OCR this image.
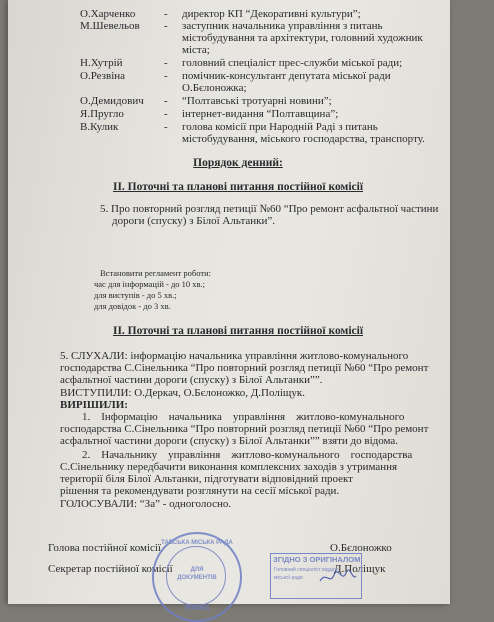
О.Харченко	- директор КП “Декоративні культури”;
М.Шевельов	- заступник начальника управління з питань
містобудування та архітектури, головний художник
міста;
Н.Хутрій	- головний спеціаліст прес-служби міської ради;
О.Резвіна	- помічник-консультант депутата міської ради
О.Бєлоножка;
О.Демидович	- “Полтавські тротуарні новини”;
Я.Пругло	- інтернет-видання “Полтавщина”;
В.Кулик	- голова комісії при Народній Раді з питань
містобудування, міського господарства, транспорту.
Порядок денний:
ІІ. Поточні та планові питання постійної комісії
5. Про повторний розгляд петиції №60 “Про ремонт асфальтної частини
дороги (спуску) з Білої Альтанки”.
Встановити регламент роботи:
час для інформацій - до 10 хв.;
для виступів - до 5 хв.;
для довідок - до 3 хв.
ІІ. Поточні та планові питання постійної комісії
5. СЛУХАЛИ: інформацію начальника управління житлово-комунального
господарства С.Сінельника “Про повторний розгляд петиції №60 “Про ремонт
асфальтної частини дороги (спуску) з Білої Альтанки””.
ВИСТУПИЛИ: О.Деркач, О.Бєлоножко, Д.Поліщук.
ВИРІШИЛИ:
1.    Інформацію    начальника    управління    житлово-комунального
господарства С.Сінельника “Про повторний розгляд петиції №60 “Про ремонт
асфальтної частини дороги (спуску) з Білої Альтанки”” взяти до відома.
2.    Начальнику    управління    житлово-комунального    господарства
С.Сінельнику передбачити виконання комплексних заходів з утримання
території біля Білої Альтанки, підготувати відповідний проект
рішення та рекомендувати розглянути на сесії міської ради.
ГОЛОСУВАЛИ: “За” - одноголосно.
Голова постійної комісії	О.Бєлоножко
Секретар постійної комісії	Д.Поліщук
ТАВСЬКА МІСЬКА РАДА
ДЛЯ
ДОКУМЕНТІВ
УКРАЇНА
ЗГІДНО З ОРИГІНАЛОМ
Головний спеціаліст відділу
міської ради
